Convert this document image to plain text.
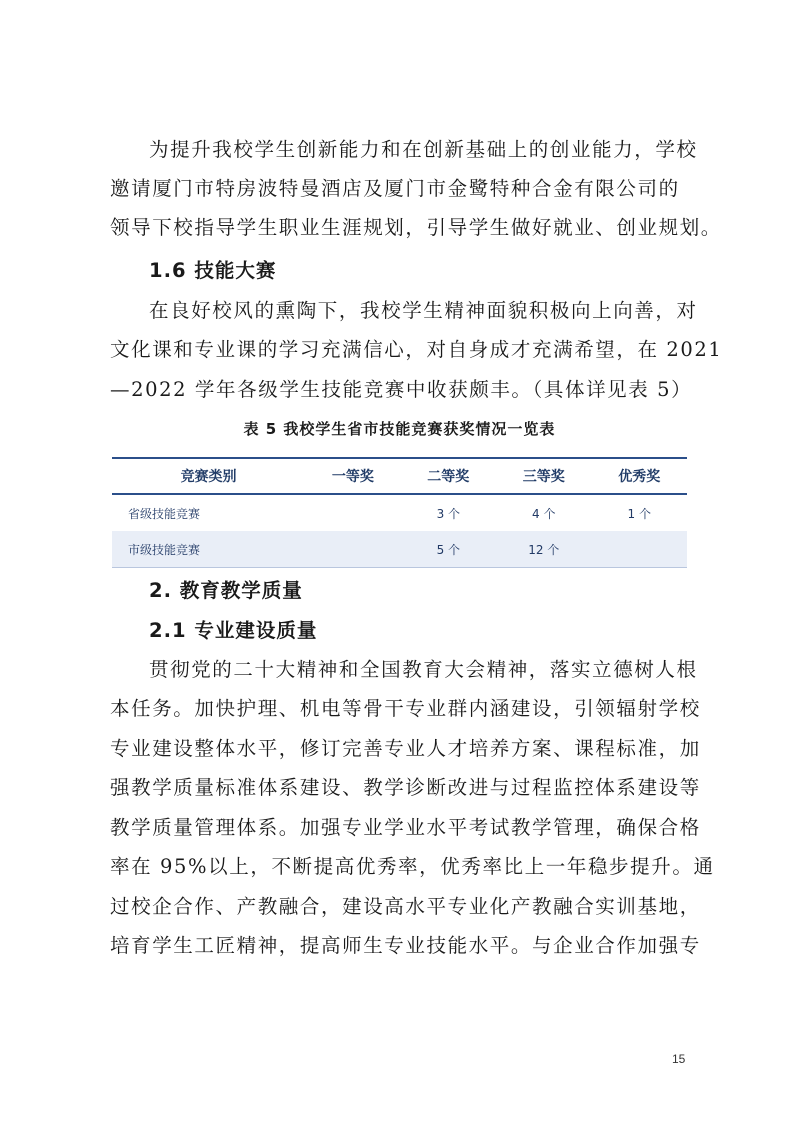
为提升我校学生创新能力和在创新基础上的创业能力，学校
邀请厦门市特房波特曼酒店及厦门市金鹭特种合金有限公司的
领导下校指导学生职业生涯规划，引导学生做好就业、创业规划。
1.6 技能大赛
在良好校风的熏陶下，我校学生精神面貌积极向上向善，对
文化课和专业课的学习充满信心，对自身成才充满希望，在 2021
—2022 学年各级学生技能竞赛中收获颇丰。（具体详见表 5）
表 5 我校学生省市技能竞赛获奖情况一览表
竞赛类别	一等奖	二等奖	三等奖	优秀奖
省级技能竞赛		3 个	4 个	1 个
市级技能竞赛		5 个	12 个	
2. 教育教学质量
2.1 专业建设质量
贯彻党的二十大精神和全国教育大会精神，落实立德树人根
本任务。加快护理、机电等骨干专业群内涵建设，引领辐射学校
专业建设整体水平，修订完善专业人才培养方案、课程标准，加
强教学质量标准体系建设、教学诊断改进与过程监控体系建设等
教学质量管理体系。加强专业学业水平考试教学管理，确保合格
率在 95%以上，不断提高优秀率，优秀率比上一年稳步提升。通
过校企合作、产教融合，建设高水平专业化产教融合实训基地，
培育学生工匠精神，提高师生专业技能水平。与企业合作加强专
15
